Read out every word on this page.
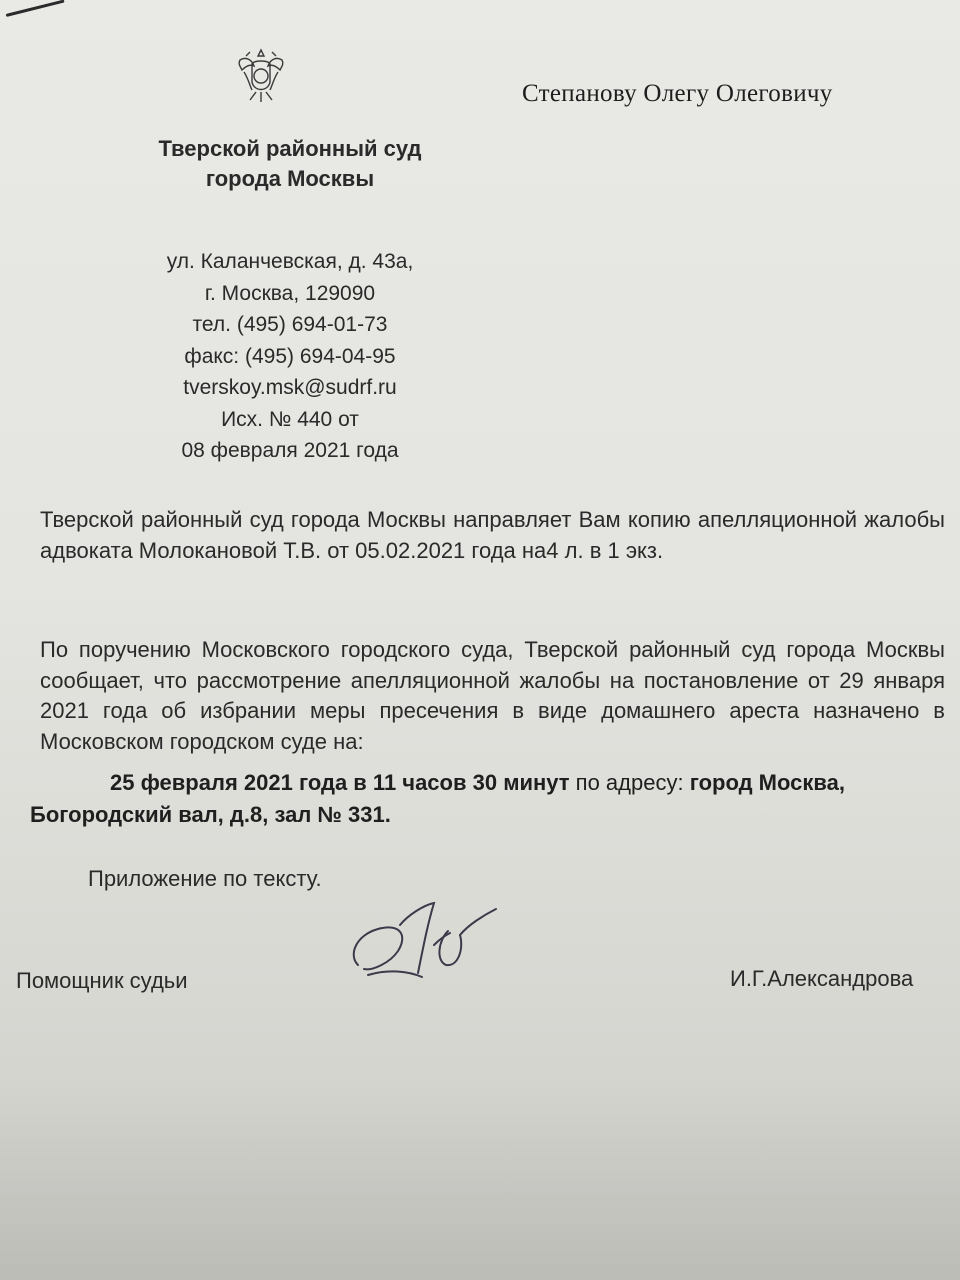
Степанову Олегу Олеговичу
Тверской районный суд
города Москвы
ул. Каланчевская, д. 43а,
г. Москва, 129090
тел. (495) 694-01-73
факс: (495) 694-04-95
tverskoy.msk@sudrf.ru
Исх. № 440 от
08 февраля 2021 года
Тверской районный суд города Москвы направляет Вам копию апелляционной жалобы адвоката Молокановой Т.В. от 05.02.2021 года на4 л. в 1 экз.
По поручению Московского городского суда, Тверской районный суд города Москвы сообщает, что рассмотрение апелляционной жалобы на постановление от 29 января 2021 года об избрании меры пресечения в виде домашнего ареста назначено в Московском городском суде на:
25 февраля 2021 года в 11 часов 30 минут по адресу: город Москва,
Богородский вал, д.8, зал № 331.
Приложение по тексту.
Помощник судьи	И.Г.Александрова
